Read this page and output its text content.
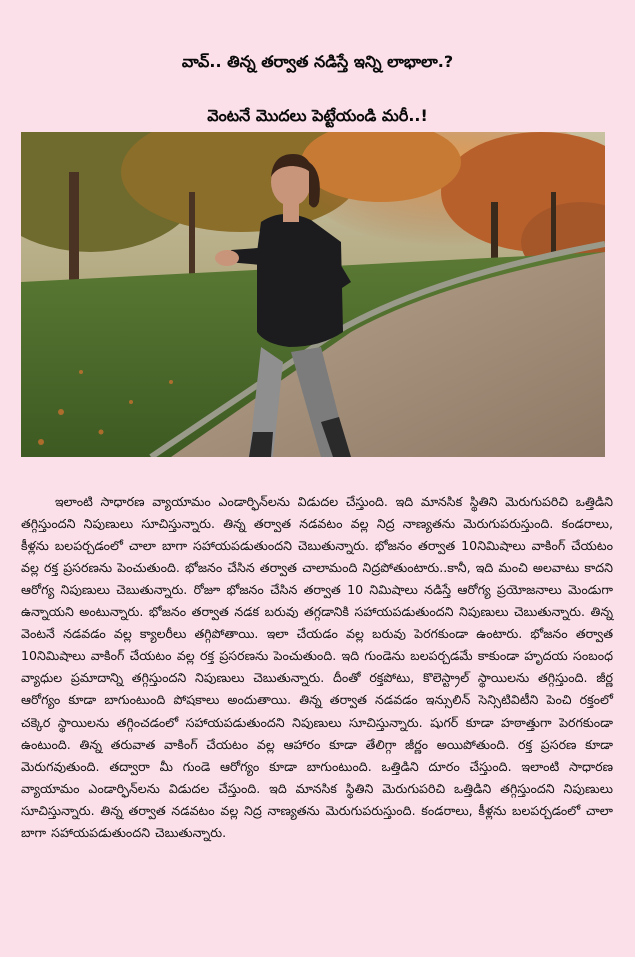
వావ్.. తిన్న తర్వాత నడిస్తే ఇన్ని లాభాలా.?
వెంటనే మొదలు పెట్టేయండి మరీ..!

ఇలాంటి సాధారణ వ్యాయామం ఎండార్ఫిన్‌లను విడుదల చేస్తుంది. ఇది మానసిక స్థితిని మెరుగుపరిచి ఒత్తిడిని తగ్గిస్తుందని నిపుణులు సూచిస్తున్నారు. తిన్న తర్వాత నడవటం వల్ల నిద్ర నాణ్యతను మెరుగుపరుస్తుంది. కండరాలు, కీళ్లను బలపర్చడంలో చాలా బాగా సహాయపడుతుందని చెబుతున్నారు. భోజనం తర్వాత 10నిమిషాలు వాకింగ్ చేయటం వల్ల రక్త ప్రసరణను పెంచుతుంది. భోజనం చేసిన తర్వాత చాలామంది నిద్రపోతుంటారు..కానీ, ఇది మంచి అలవాటు కాదని ఆరోగ్య నిపుణులు చెబుతున్నారు. రోజూ భోజనం చేసిన తర్వాత 10 నిమిషాలు నడిస్తే ఆరోగ్య ప్రయోజనాలు మెండుగా ఉన్నాయని అంటున్నారు. భోజనం తర్వాత నడక బరువు తగ్గడానికి సహాయపడుతుందని నిపుణులు చెబుతున్నారు. తిన్న వెంటనే నడవడం వల్ల క్యాలరీలు తగ్గిపోతాయి. ఇలా చేయడం వల్ల బరువు పెరగకుండా ఉంటారు. భోజనం తర్వాత 10నిమిషాలు వాకింగ్ చేయటం వల్ల రక్త ప్రసరణను పెంచుతుంది. ఇది గుండెను బలపర్చడమే కాకుండా హృదయ సంబంధ వ్యాధుల ప్రమాదాన్ని తగ్గిస్తుందని నిపుణులు చెబుతున్నారు. దీంతో రక్తపోటు, కొలెస్ట్రాల్ స్థాయిలను తగ్గిస్తుంది. జీర్ణ ఆరోగ్యం కూడా బాగుంటుంది పోషకాలు అందుతాయి. తిన్న తర్వాత నడవడం ఇన్సులిన్ సెన్సిటివిటీని పెంచి రక్తంలో చక్కెర స్థాయిలను తగ్గించడంలో సహాయపడుతుందని నిపుణులు సూచిస్తున్నారు. షుగర్ కూడా హఠాత్తుగా పెరగకుండా ఉంటుంది. తిన్న తరువాత వాకింగ్ చేయటం వల్ల ఆహారం కూడా తేలిగ్గా జీర్ణం అయిపోతుంది. రక్త ప్రసరణ కూడా మెరుగవుతుంది. తద్వారా మీ గుండె ఆరోగ్యం కూడా బాగుంటుంది. ఒత్తిడిని దూరం చేస్తుంది. ఇలాంటి సాధారణ వ్యాయామం ఎండార్ఫిన్‌లను విడుదల చేస్తుంది. ఇది మానసిక స్థితిని మెరుగుపరిచి ఒత్తిడిని తగ్గిస్తుందని నిపుణులు సూచిస్తున్నారు. తిన్న తర్వాత నడవటం వల్ల నిద్ర నాణ్యతను మెరుగుపరుస్తుంది. కండరాలు, కీళ్లను బలపర్చడంలో చాలా బాగా సహాయపడుతుందని చెబుతున్నారు.
